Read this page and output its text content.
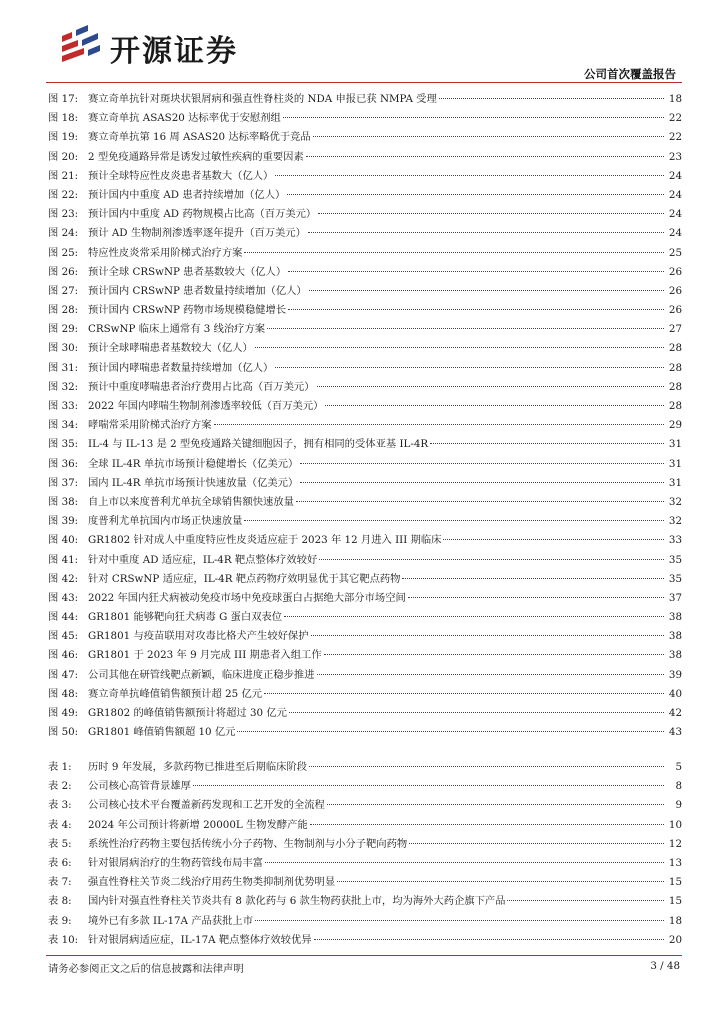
开源证券
公司首次覆盖报告
图 17: 赛立奇单抗针对斑块状银屑病和强直性脊柱炎的 NDA 申报已获 NMPA 受理	18
图 18: 赛立奇单抗 ASAS20 达标率优于安慰剂组	22
图 19: 赛立奇单抗第 16 周 ASAS20 达标率略优于竞品	22
图 20: 2 型免疫通路异常是诱发过敏性疾病的重要因素	23
图 21: 预计全球特应性皮炎患者基数大（亿人）	24
图 22: 预计国内中重度 AD 患者持续增加（亿人）	24
图 23: 预计国内中重度 AD 药物规模占比高（百万美元）	24
图 24: 预计 AD 生物制剂渗透率逐年提升（百万美元）	24
图 25: 特应性皮炎常采用阶梯式治疗方案	25
图 26: 预计全球 CRSwNP 患者基数较大（亿人）	26
图 27: 预计国内 CRSwNP 患者数量持续增加（亿人）	26
图 28: 预计国内 CRSwNP 药物市场规模稳健增长	26
图 29: CRSwNP 临床上通常有 3 线治疗方案	27
图 30: 预计全球哮喘患者基数较大（亿人）	28
图 31: 预计国内哮喘患者数量持续增加（亿人）	28
图 32: 预计中重度哮喘患者治疗费用占比高（百万美元）	28
图 33: 2022 年国内哮喘生物制剂渗透率较低（百万美元）	28
图 34: 哮喘常采用阶梯式治疗方案	29
图 35: IL-4 与 IL-13 是 2 型免疫通路关键细胞因子，拥有相同的受体亚基 IL-4R	31
图 36: 全球 IL-4R 单抗市场预计稳健增长（亿美元）	31
图 37: 国内 IL-4R 单抗市场预计快速放量（亿美元）	31
图 38: 自上市以来度普利尤单抗全球销售额快速放量	32
图 39: 度普利尤单抗国内市场正快速放量	32
图 40: GR1802 针对成人中重度特应性皮炎适应症于 2023 年 12 月进入 III 期临床	33
图 41: 针对中重度 AD 适应症，IL-4R 靶点整体疗效较好	35
图 42: 针对 CRSwNP 适应症，IL-4R 靶点药物疗效明显优于其它靶点药物	35
图 43: 2022 年国内狂犬病被动免疫市场中免疫球蛋白占据绝大部分市场空间	37
图 44: GR1801 能够靶向狂犬病毒 G 蛋白双表位	38
图 45: GR1801 与疫苗联用对攻毒比格犬产生较好保护	38
图 46: GR1801 于 2023 年 9 月完成 III 期患者入组工作	38
图 47: 公司其他在研管线靶点新颖，临床进度正稳步推进	39
图 48: 赛立奇单抗峰值销售额预计超 25 亿元	40
图 49: GR1802 的峰值销售额预计将超过 30 亿元	42
图 50: GR1801 峰值销售额超 10 亿元	43
表 1:	历时 9 年发展，多款药物已推进至后期临床阶段	5
表 2:	公司核心高管背景雄厚	8
表 3:	公司核心技术平台覆盖新药发现和工艺开发的全流程	9
表 4:	2024 年公司预计将新增 20000L 生物发酵产能	10
表 5:	系统性治疗药物主要包括传统小分子药物、生物制剂与小分子靶向药物	12
表 6:	针对银屑病治疗的生物药管线布局丰富	13
表 7:	强直性脊柱关节炎二线治疗用药生物类抑制剂优势明显	15
表 8:	国内针对强直性脊柱关节炎共有 8 款化药与 6 款生物药获批上市，均为海外大药企旗下产品	15
表 9:	境外已有多款 IL-17A 产品获批上市	18
表 10: 针对银屑病适应症，IL-17A 靶点整体疗效较优异	20
请务必参阅正文之后的信息披露和法律声明	3 / 48
